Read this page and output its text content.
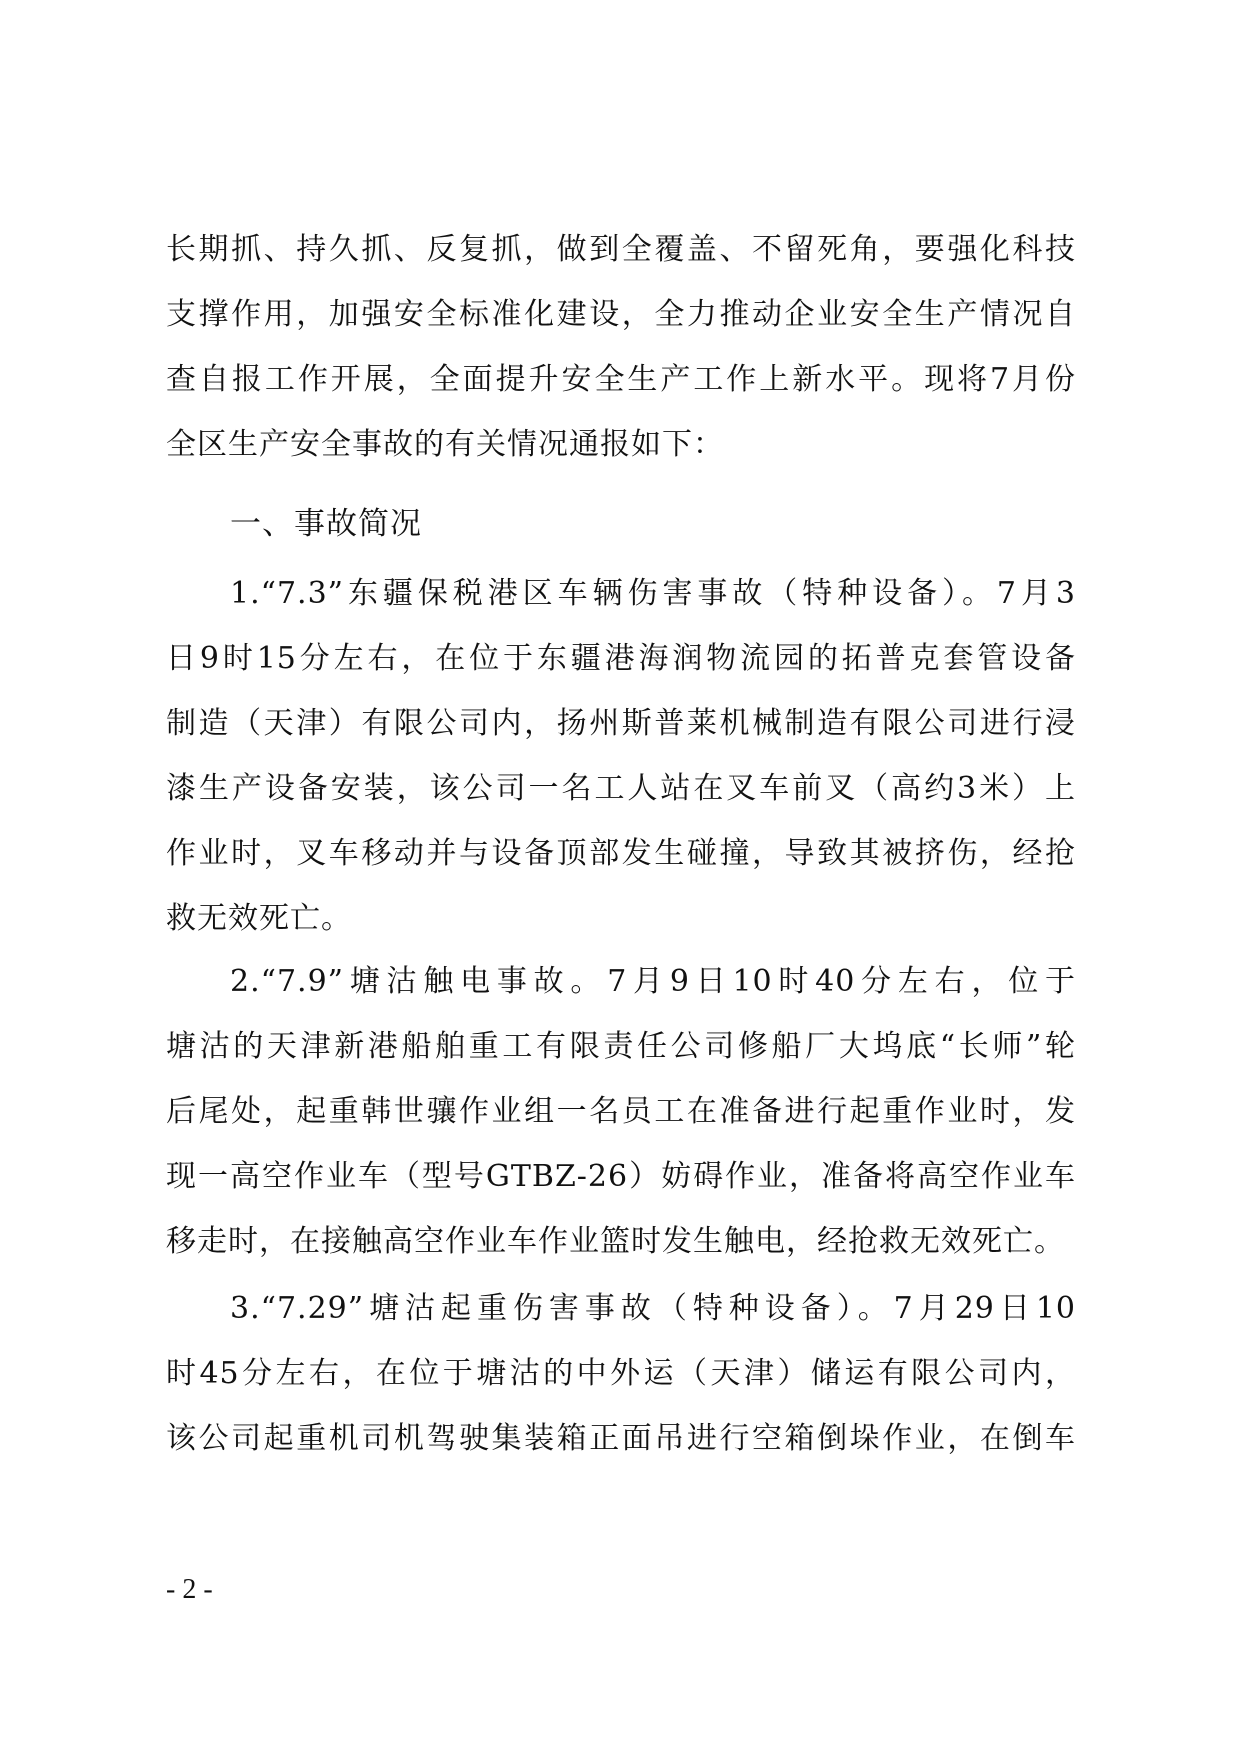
长期抓、持久抓、反复抓，做到全覆盖、不留死角，要强化科技
支撑作用，加强安全标准化建设，全力推动企业安全生产情况自
查自报工作开展，全面提升安全生产工作上新水平。现将7月份
全区生产安全事故的有关情况通报如下：
一、事故简况
1.“7.3”东疆保税港区车辆伤害事故（特种设备）。7月3
日9时15分左右，在位于东疆港海润物流园的拓普克套管设备
制造（天津）有限公司内，扬州斯普莱机械制造有限公司进行浸
漆生产设备安装，该公司一名工人站在叉车前叉（高约3米）上
作业时，叉车移动并与设备顶部发生碰撞，导致其被挤伤，经抢
救无效死亡。
2.“7.9”塘沽触电事故。7月9日10时40分左右，位于
塘沽的天津新港船舶重工有限责任公司修船厂大坞底“长师”轮
后尾处，起重韩世骧作业组一名员工在准备进行起重作业时，发
现一高空作业车（型号GTBZ-26）妨碍作业，准备将高空作业车
移走时，在接触高空作业车作业篮时发生触电，经抢救无效死亡。
3.“7.29”塘沽起重伤害事故（特种设备）。7月29日10
时45分左右，在位于塘沽的中外运（天津）储运有限公司内，
该公司起重机司机驾驶集装箱正面吊进行空箱倒垛作业，在倒车
- 2 -
